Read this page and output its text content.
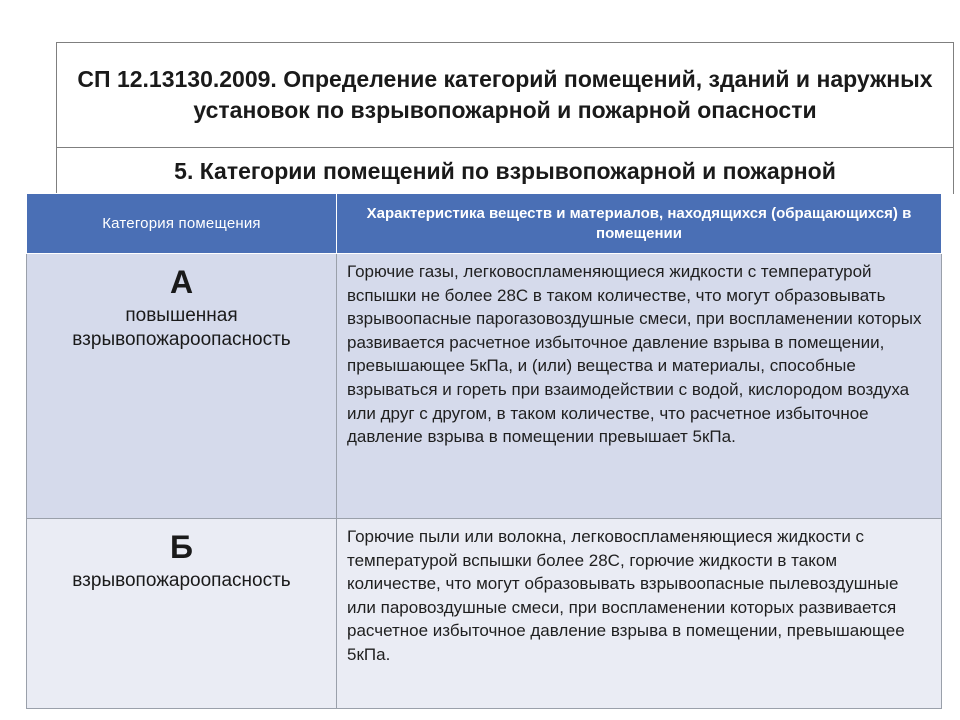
СП 12.13130.2009. Определение категорий помещений, зданий и наружных установок по взрывопожарной и пожарной опасности
5. Категории помещений по взрывопожарной и пожарной
Категория помещения	Характеристика веществ и материалов, находящихся (обращающихся) в помещении

А
повышенная взрывопожароопасность	Горючие газы, легковоспламеняющиеся жидкости с температурой вспышки не более 28С в таком количестве, что могут образовывать взрывоопасные парогазовоздушные смеси, при воспламенении которых развивается расчетное избыточное давление взрыва в помещении, превышающее 5кПа, и (или) вещества и материалы, способные взрываться и гореть при взаимодействии с водой, кислородом воздуха или друг с другом, в таком количестве, что расчетное избыточное давление взрыва в помещении превышает 5кПа.

Б
взрывопожароопасность	Горючие пыли или волокна, легковоспламеняющиеся жидкости с температурой вспышки более 28С, горючие жидкости в таком количестве, что могут образовывать взрывоопасные пылевоздушные или паровоздушные смеси, при воспламенении которых развивается расчетное избыточное давление взрыва в помещении, превышающее 5кПа.
